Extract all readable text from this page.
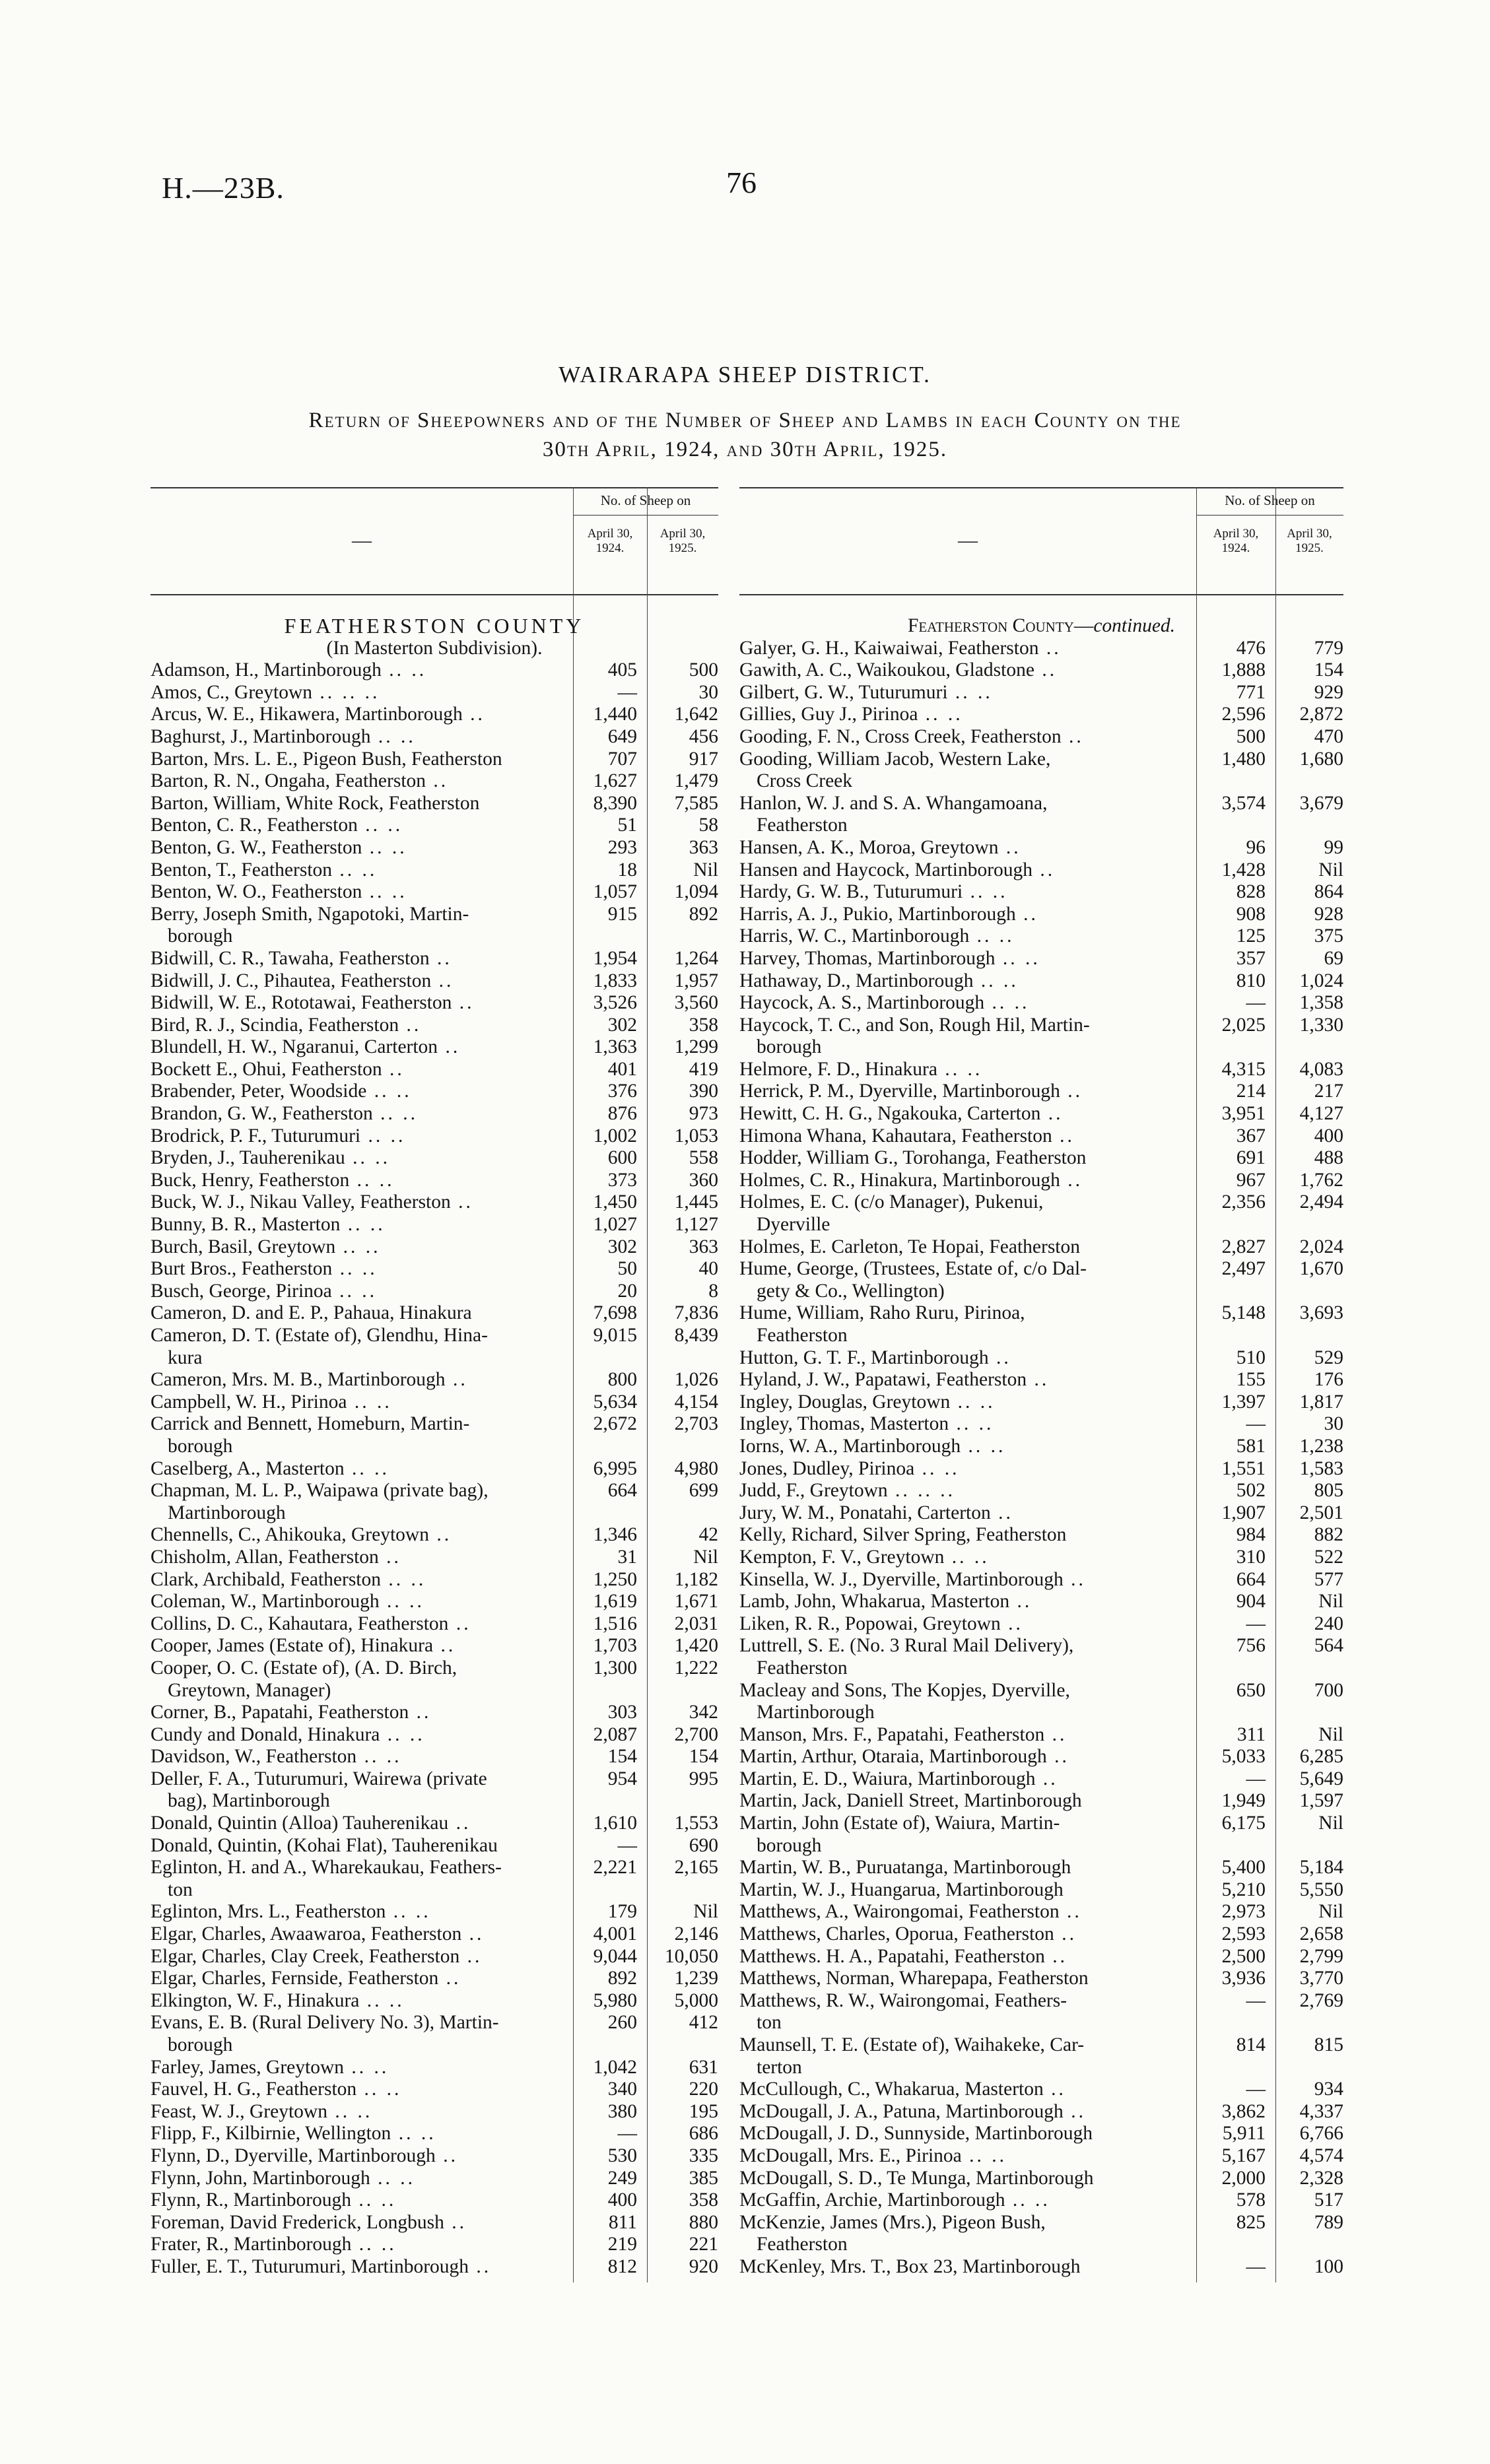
H.—23B.	76
WAIRARAPA SHEEP DISTRICT.
Return of Sheepowners and of the Number of Sheep and Lambs in each County on the
30th April, 1924, and 30th April, 1925.
—
No. of Sheep on
April 30,
1924.
April 30,
1925.
FEATHERSTON COUNTY
(In Masterton Subdivision).
Adamson, H., Martinborough .. ..	405	500
Amos, C., Greytown .. .. ..	—	30
Arcus, W. E., Hikawera, Martinborough ..	1,440 1,642
Baghurst, J., Martinborough .. ..	649	456
Barton, Mrs. L. E., Pigeon Bush, Featherston	707	917
Barton, R. N., Ongaha, Featherston ..	1,627 1,479
Barton, William, White Rock, Featherston	8,390 7,585
Benton, C. R., Featherston .. ..	51	58
Benton, G. W., Featherston .. ..	293	363
Benton, T., Featherston .. ..	18	Nil
Benton, W. O., Featherston .. ..	1,057 1,094
Berry, Joseph Smith, Ngapotoki, Martin-	915	892
borough
Bidwill, C. R., Tawaha, Featherston ..	1,954 1,264
Bidwill, J. C., Pihautea, Featherston ..	1,833 1,957
Bidwill, W. E., Rototawai, Featherston ..	3,526 3,560
Bird, R. J., Scindia, Featherston ..	302	358
Blundell, H. W., Ngaranui, Carterton ..	1,363 1,299
Bockett E., Ohui, Featherston ..	401	419
Brabender, Peter, Woodside .. ..	376	390
Brandon, G. W., Featherston .. ..	876	973
Brodrick, P. F., Tuturumuri .. ..	1,002 1,053
Bryden, J., Tauherenikau .. ..	600	558
Buck, Henry, Featherston .. ..	373	360
Buck, W. J., Nikau Valley, Featherston ..	1,450 1,445
Bunny, B. R., Masterton .. ..	1,027 1,127
Burch, Basil, Greytown .. ..	302	363
Burt Bros., Featherston .. ..	50	40
Busch, George, Pirinoa .. ..	20	8
Cameron, D. and E. P., Pahaua, Hinakura	7,698 7,836
Cameron, D. T. (Estate of), Glendhu, Hina-	9,015 8,439
kura
Cameron, Mrs. M. B., Martinborough ..	800 1,026
Campbell, W. H., Pirinoa .. ..	5,634 4,154
Carrick and Bennett, Homeburn, Martin-	2,672 2,703
borough
Caselberg, A., Masterton .. ..	6,995 4,980
Chapman, M. L. P., Waipawa (private bag),	664	699
Martinborough
Chennells, C., Ahikouka, Greytown ..	1,346	42
Chisholm, Allan, Featherston ..	31	Nil
Clark, Archibald, Featherston .. ..	1,250 1,182
Coleman, W., Martinborough .. ..	1,619 1,671
Collins, D. C., Kahautara, Featherston ..	1,516 2,031
Cooper, James (Estate of), Hinakura ..	1,703 1,420
Cooper, O. C. (Estate of), (A. D. Birch,	1,300 1,222
Greytown, Manager)
Corner, B., Papatahi, Featherston ..	303	342
Cundy and Donald, Hinakura .. ..	2,087 2,700
Davidson, W., Featherston .. ..	154	154
Deller, F. A., Tuturumuri, Wairewa (private	954	995
bag), Martinborough
Donald, Quintin (Alloa) Tauherenikau ..	1,610 1,553
Donald, Quintin, (Kohai Flat), Tauherenikau	—	690
Eglinton, H. and A., Wharekaukau, Feathers-	2,221 2,165
ton
Eglinton, Mrs. L., Featherston .. ..	179	Nil
Elgar, Charles, Awaawaroa, Featherston ..	4,001 2,146
Elgar, Charles, Clay Creek, Featherston ..	9,044 10,050
Elgar, Charles, Fernside, Featherston ..	892 1,239
Elkington, W. F., Hinakura .. ..	5,980 5,000
Evans, E. B. (Rural Delivery No. 3), Martin-	260	412
borough
Farley, James, Greytown .. ..	1,042	631
Fauvel, H. G., Featherston .. ..	340	220
Feast, W. J., Greytown .. ..	380	195
Flipp, F., Kilbirnie, Wellington .. ..	—	686
Flynn, D., Dyerville, Martinborough ..	530	335
Flynn, John, Martinborough .. ..	249	385
Flynn, R., Martinborough .. ..	400	358
Foreman, David Frederick, Longbush ..	811	880
Frater, R., Martinborough .. ..	219	221
Fuller, E. T., Tuturumuri, Martinborough ..	812	920
—
No. of Sheep on
April 30,
1924.
April 30,
1925.
Featherston County—continued.
Galyer, G. H., Kaiwaiwai, Featherston ..	476	779
Gawith, A. C., Waikoukou, Gladstone ..	1,888	154
Gilbert, G. W., Tuturumuri .. ..	771	929
Gillies, Guy J., Pirinoa .. ..	2,596 2,872
Gooding, F. N., Cross Creek, Featherston ..	500	470
Gooding, William Jacob, Western Lake,	1,480 1,680
Cross Creek
Hanlon, W. J. and S. A. Whangamoana,	3,574 3,679
Featherston
Hansen, A. K., Moroa, Greytown ..	96	99
Hansen and Haycock, Martinborough ..	1,428	Nil
Hardy, G. W. B., Tuturumuri .. ..	828	864
Harris, A. J., Pukio, Martinborough ..	908	928
Harris, W. C., Martinborough .. ..	125	375
Harvey, Thomas, Martinborough .. ..	357	69
Hathaway, D., Martinborough .. ..	810 1,024
Haycock, A. S., Martinborough .. ..	— 1,358
Haycock, T. C., and Son, Rough Hil, Martin-	2,025 1,330
borough
Helmore, F. D., Hinakura .. ..	4,315 4,083
Herrick, P. M., Dyerville, Martinborough ..	214	217
Hewitt, C. H. G., Ngakouka, Carterton ..	3,951 4,127
Himona Whana, Kahautara, Featherston ..	367	400
Hodder, William G., Torohanga, Featherston	691	488
Holmes, C. R., Hinakura, Martinborough ..	967 1,762
Holmes, E. C. (c/o Manager), Pukenui,	2,356 2,494
Dyerville
Holmes, E. Carleton, Te Hopai, Featherston	2,827 2,024
Hume, George, (Trustees, Estate of, c/o Dal-	2,497 1,670
gety & Co., Wellington)
Hume, William, Raho Ruru, Pirinoa,	5,148 3,693
Featherston
Hutton, G. T. F., Martinborough ..	510	529
Hyland, J. W., Papatawi, Featherston ..	155	176
Ingley, Douglas, Greytown .. ..	1,397 1,817
Ingley, Thomas, Masterton .. ..	—	30
Iorns, W. A., Martinborough .. ..	581 1,238
Jones, Dudley, Pirinoa .. ..	1,551 1,583
Judd, F., Greytown .. .. ..	502	805
Jury, W. M., Ponatahi, Carterton ..	1,907 2,501
Kelly, Richard, Silver Spring, Featherston	984	882
Kempton, F. V., Greytown .. ..	310	522
Kinsella, W. J., Dyerville, Martinborough ..	664	577
Lamb, John, Whakarua, Masterton ..	904	Nil
Liken, R. R., Popowai, Greytown ..	—	240
Luttrell, S. E. (No. 3 Rural Mail Delivery),	756	564
Featherston
Macleay and Sons, The Kopjes, Dyerville,	650	700
Martinborough
Manson, Mrs. F., Papatahi, Featherston ..	311	Nil
Martin, Arthur, Otaraia, Martinborough ..	5,033 6,285
Martin, E. D., Waiura, Martinborough ..	— 5,649
Martin, Jack, Daniell Street, Martinborough	1,949 1,597
Martin, John (Estate of), Waiura, Martin-	6,175	Nil
borough
Martin, W. B., Puruatanga, Martinborough	5,400 5,184
Martin, W. J., Huangarua, Martinborough	5,210 5,550
Matthews, A., Wairongomai, Featherston ..	2,973	Nil
Matthews, Charles, Oporua, Featherston ..	2,593 2,658
Matthews. H. A., Papatahi, Featherston ..	2,500 2,799
Matthews, Norman, Wharepapa, Featherston	3,936 3,770
Matthews, R. W., Wairongomai, Feathers-	— 2,769
ton
Maunsell, T. E. (Estate of), Waihakeke, Car-	814	815
terton
McCullough, C., Whakarua, Masterton ..	—	934
McDougall, J. A., Patuna, Martinborough ..	3,862 4,337
McDougall, J. D., Sunnyside, Martinborough	5,911 6,766
McDougall, Mrs. E., Pirinoa .. ..	5,167 4,574
McDougall, S. D., Te Munga, Martinborough	2,000 2,328
McGaffin, Archie, Martinborough .. ..	578	517
McKenzie, James (Mrs.), Pigeon Bush,	825	789
Featherston
McKenley, Mrs. T., Box 23, Martinborough	—	100
